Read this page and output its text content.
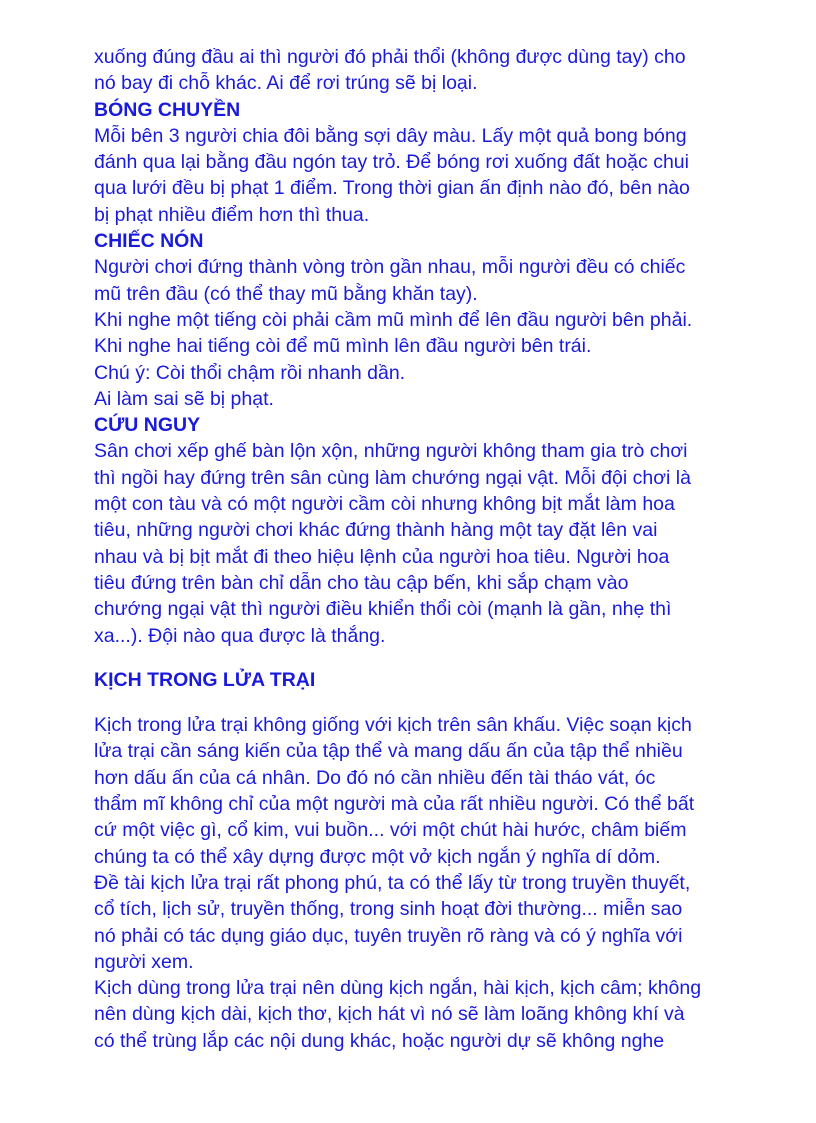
xuống đúng đầu ai thì người đó phải thổi (không được dùng tay) cho
nó bay đi chỗ khác. Ai để rơi trúng sẽ bị loại.

BÓNG CHUYỀN

Mỗi bên 3 người chia đôi bằng sợi dây màu. Lấy một quả bong bóng
đánh qua lại bằng đầu ngón tay trỏ. Để bóng rơi xuống đất hoặc chui
qua lưới đều bị phạt 1 điểm. Trong thời gian ấn định nào đó, bên nào
bị phạt nhiều điểm hơn thì thua.

CHIẾC NÓN

Người chơi đứng thành vòng tròn gần nhau, mỗi người đều có chiếc
mũ trên đầu (có thể thay mũ bằng khăn tay).
Khi nghe một tiếng còi phải cầm mũ mình để lên đầu người bên phải.
Khi nghe hai tiếng còi để mũ mình lên đầu người bên trái.
Chú ý: Còi thổi chậm rồi nhanh dần.
Ai làm sai sẽ bị phạt.

CỨU NGUY

Sân chơi xếp ghế bàn lộn xộn, những người không tham gia trò chơi
thì ngồi hay đứng trên sân cùng làm chướng ngại vật. Mỗi đội chơi là
một con tàu và có một người cầm còi nhưng không bịt mắt làm hoa
tiêu, những người chơi khác đứng thành hàng một tay đặt lên vai
nhau và bị bịt mắt đi theo hiệu lệnh của người hoa tiêu. Người hoa
tiêu đứng trên bàn chỉ dẫn cho tàu cập bến, khi sắp chạm vào
chướng ngại vật thì người điều khiển thổi còi (mạnh là gần, nhẹ thì
xa...). Đội nào qua được là thắng.

KỊCH TRONG LỬA TRẠI

Kịch trong lửa trại không giống với kịch trên sân khấu. Việc soạn kịch
lửa trại cần sáng kiến của tập thể và mang dấu ấn của tập thể nhiều
hơn dấu ấn của cá nhân. Do đó nó cần nhiều đến tài tháo vát, óc
thẩm mĩ không chỉ của một người mà của rất nhiều người. Có thể bất
cứ một việc gì, cổ kim, vui buồn... với một chút hài hước, châm biếm
chúng ta có thể xây dựng được một vở kịch ngắn ý nghĩa dí dỏm.
Đề tài kịch lửa trại rất phong phú, ta có thể lấy từ trong truyền thuyết,
cổ tích, lịch sử, truyền thống, trong sinh hoạt đời thường... miễn sao
nó phải có tác dụng giáo dục, tuyên truyền rõ ràng và có ý nghĩa với
người xem.
Kịch dùng trong lửa trại nên dùng kịch ngắn, hài kịch, kịch câm; không
nên dùng kịch dài, kịch thơ, kịch hát vì nó sẽ làm loãng không khí và
có thể trùng lắp các nội dung khác, hoặc người dự sẽ không nghe
